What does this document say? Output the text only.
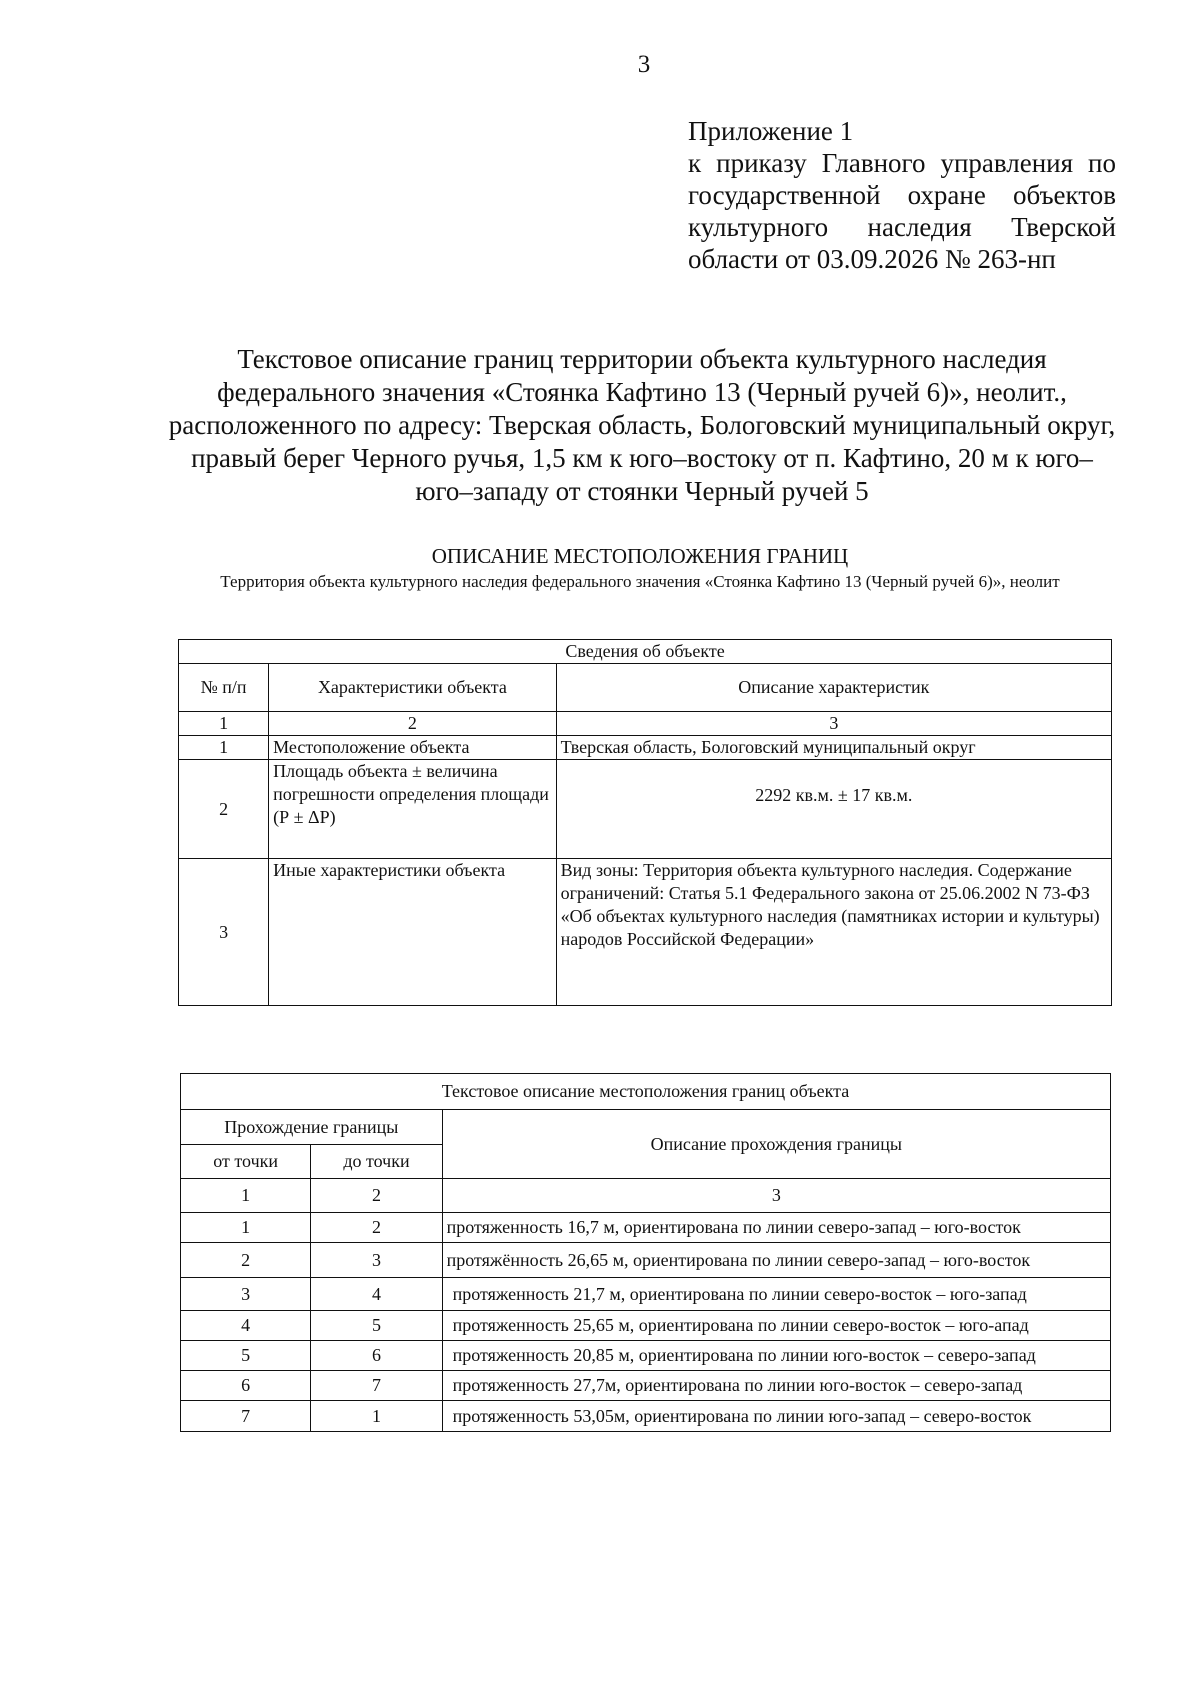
3
Приложение 1
к приказу Главного управления по государственной охране объектов культурного наследия Тверской области от 03.09.2026 № 263-нп
Текстовое описание границ территории объекта культурного наследия федерального значения «Стоянка Кафтино 13 (Черный ручей 6)», неолит., расположенного по адресу: Тверская область, Бологовский муниципальный округ, правый берег Черного ручья, 1,5 км к юго–востоку от п. Кафтино, 20 м к юго–юго–западу от стоянки Черный ручей 5
ОПИСАНИЕ МЕСТОПОЛОЖЕНИЯ ГРАНИЦ
Территория объекта культурного наследия федерального значения «Стоянка Кафтино 13 (Черный ручей 6)», неолит
Сведения об объекте		
№ п/п	Характеристики объекта	Описание характеристик
1	2	3
1	Местоположение объекта	Тверская область, Бологовский муниципальный округ
2	Площадь объекта ± величина погрешности определения площади (Р ± ΔР)	2292 кв.м. ± 17 кв.м.
3	Иные характеристики объекта	Вид зоны: Территория объекта культурного наследия. Содержание ограничений: Статья 5.1 Федерального закона от 25.06.2002 N 73-ФЗ «Об объектах культурного наследия (памятниках истории и культуры) народов Российской Федерации»
Текстовое описание местоположения границ объекта		
Прохождение границы		Описание прохождения границы
от точки	до точки	
1	2	3
1	2	протяженность 16,7 м, ориентирована по линии северо-запад – юго-восток
2	3	протяжённость 26,65 м, ориентирована по линии северо-запад – юго-восток
3	4	протяженность 21,7 м, ориентирована по линии северо-восток – юго-запад
4	5	протяженность 25,65 м, ориентирована по линии северо-восток – юго-апад
5	6	протяженность 20,85 м, ориентирована по линии юго-восток – северо-запад
6	7	протяженность 27,7м, ориентирована по линии юго-восток – северо-запад
7	1	протяженность 53,05м, ориентирована по линии юго-запад – северо-восток
